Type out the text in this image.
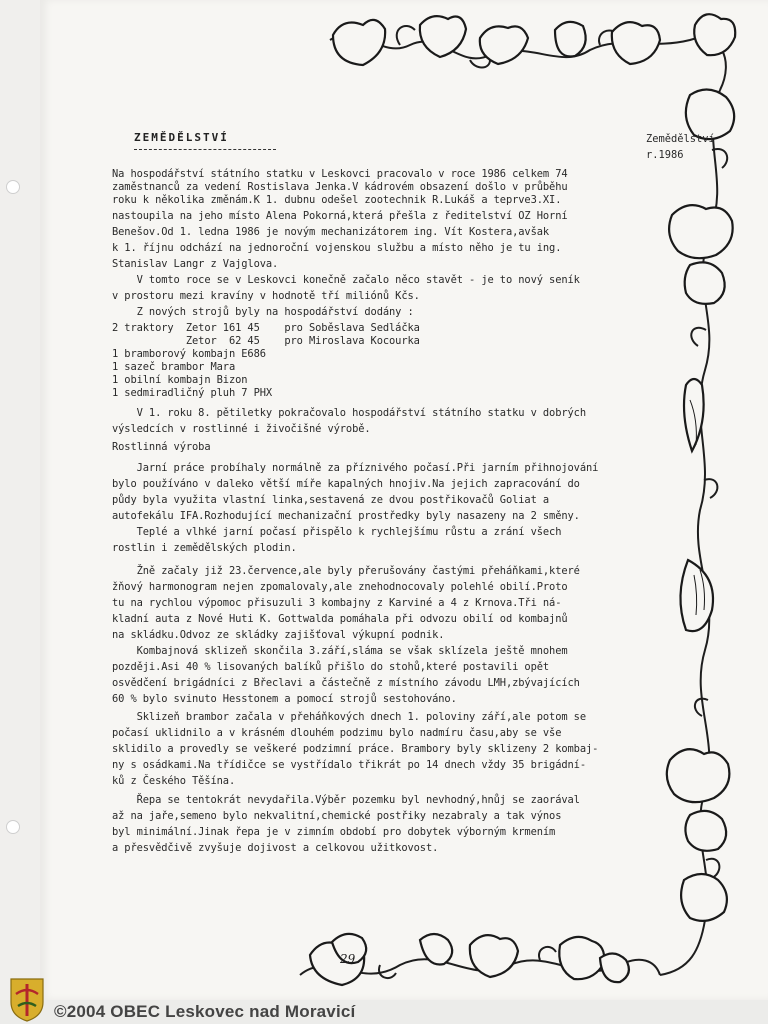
ZEMĚDĚLSTVÍ	Zemědělství
r.1986
Na hospodářství státního statku v Leskovci pracovalo v roce 1986 celkem 74
zaměstnanců za vedení Rostislava Jenka.V kádrovém obsazení došlo v průběhu
roku k několika změnám.K 1. dubnu odešel zootechnik R.Lukáš a teprve3.XI.
nastoupila na jeho místo Alena Pokorná,která přešla z ředitelství OZ Horní
Benešov.Od 1. ledna 1986 je novým mechanizátorem ing. Vít Kostera,avšak
k 1. říjnu odchází na jednoroční vojenskou službu a místo něho je tu ing.
Stanislav Langr z Vajglova.
V tomto roce se v Leskovci konečně začalo něco stavět - je to nový seník
v prostoru mezi kravíny v hodnotě tří miliónů Kčs.
Z nových strojů byly na hospodářství dodány :
2 traktory  Zetor 161 45    pro Soběslava Sedláčka
Zetor  62 45    pro Miroslava Kocourka
1 bramborový kombajn E686
1 sazeč brambor Mara
1 obilní kombajn Bizon
1 sedmiradličný pluh 7 PHX
V 1. roku 8. pětiletky pokračovalo hospodářství státního statku v dobrých
výsledcích v rostlinné i živočišné výrobě.
Rostlinná výroba
Jarní práce probíhaly normálně za příznivého počasí.Při jarním přihnojování
bylo používáno v daleko větší míře kapalných hnojiv.Na jejich zapracování do
půdy byla využita vlastní linka,sestavená ze dvou postřikovačů Goliat a
autofekálu IFA.Rozhodující mechanizační prostředky byly nasazeny na 2 směny.
Teplé a vlhké jarní počasí přispělo k rychlejšímu růstu a zrání všech
rostlin i zemědělských plodin.
Žně začaly již 23.července,ale byly přerušovány častými přeháňkami,které
žňový harmonogram nejen zpomalovaly,ale znehodnocovaly polehlé obilí.Proto
tu na rychlou výpomoc přisuzuli 3 kombajny z Karviné a 4 z Krnova.Tři ná-
kladní auta z Nové Huti K. Gottwalda pomáhala při odvozu obilí od kombajnů
na skládku.Odvoz ze skládky zajišťoval výkupní podnik.
Kombajnová sklizeň skončila 3.září,sláma se však sklízela ještě mnohem
později.Asi 40 % lisovaných balíků přišlo do stohů,které postavili opět
osvědčení brigádníci z Břeclavi a částečně z místního závodu LMH,zbývajících
60 % bylo svinuto Hesstonem a pomocí strojů sestohováno.
Sklizeň brambor začala v přeháňkových dnech 1. poloviny září,ale potom se
počasí uklidnilo a v krásném dlouhém podzimu bylo nadmíru času,aby se vše
sklidilo a provedly se veškeré podzimní práce. Brambory byly sklizeny 2 kombaj-
ny s osádkami.Na třídičce se vystřídalo třikrát po 14 dnech vždy 35 brigádní-
ků z Českého Těšína.
Řepa se tentokrát nevydařila.Výběr pozemku byl nevhodný,hnůj se zaorával
až na jaře,semeno bylo nekvalitní,chemické postřiky nezabraly a tak výnos
byl minimální.Jinak řepa je v zimním období pro dobytek výborným krmením
a přesvědčivě zvyšuje dojivost a celkovou užitkovost.
29
©2004 OBEC Leskovec nad Moravicí
